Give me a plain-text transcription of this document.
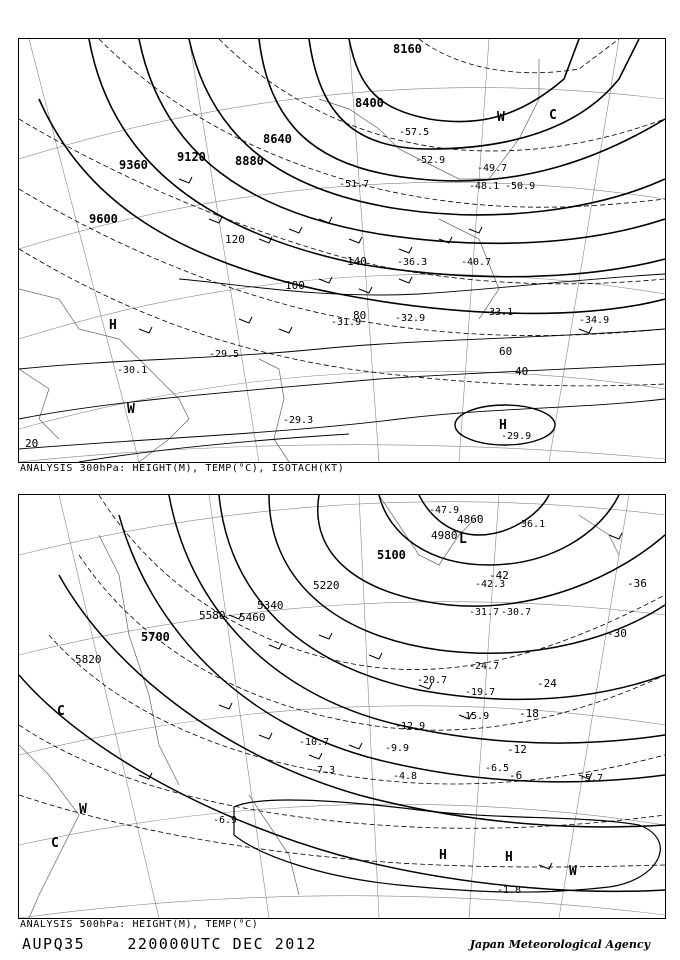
8160
8400
8640
8880
9120
9360
9600
20
40
60
80
100
120
140
-51.7
-52.9
-48.1 -50.9
-49.7
-40.7
-36.3
-34.9
-33.1
-31.9	-32.9
-29.9
-29.5
-30.1
-29.3
-57.5
H
H
W
W	C
ANALYSIS 300hPa: HEIGHT(M), TEMP(°C), ISOTACH(KT)
4860
4980
5100
5220
5340
5460
5580
5700
5820
-42
-36
-30
-24
-18
-12
-6
-47.9
-36.1
-42.3
-31.7 -30.7
-24.7
-20.7
-19.7
-15.9
-12.9
-10.7
-9.9
-7.3
-4.8
-6.5
-5.7
-6.9
-1.8
H	H
W
W
C
C
L
ANALYSIS 500hPa: HEIGHT(M), TEMP(°C)
AUPQ35	220000UTC DEC 2012	Japan Meteorological Agency
